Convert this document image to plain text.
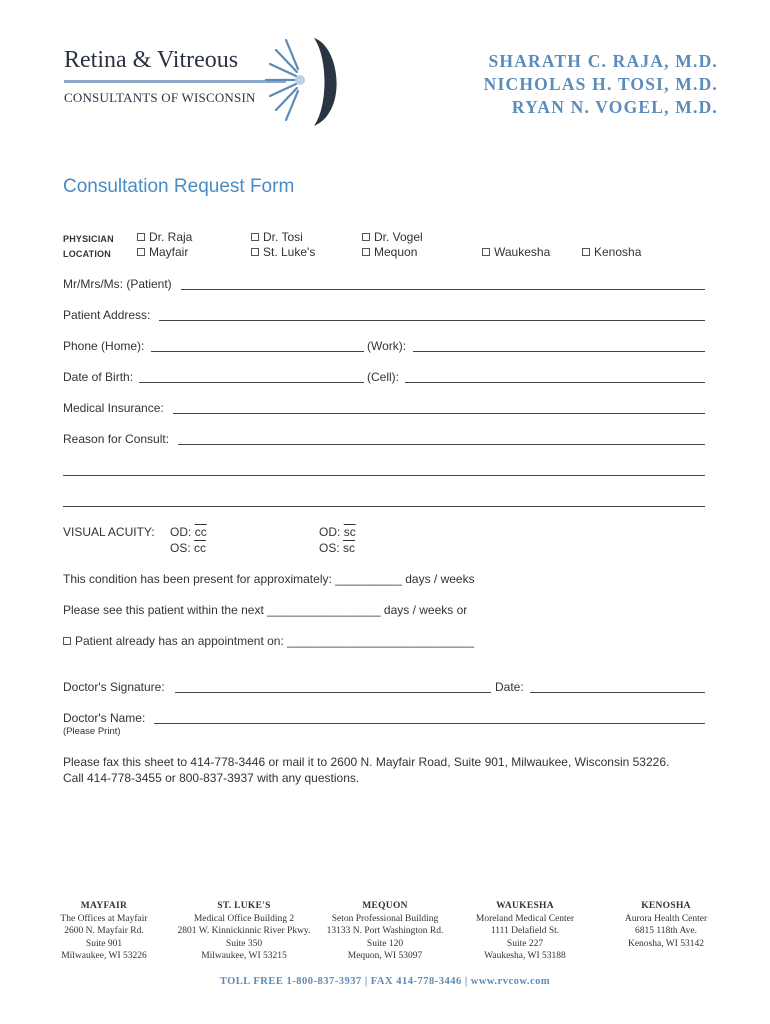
Retina & Vitreous
CONSULTANTS OF WISCONSIN
SHARATH C. RAJA, M.D.
NICHOLAS H. TOSI, M.D.
RYAN N. VOGEL, M.D.
Consultation Request Form
PHYSICIAN	Dr. Raja	Dr. Tosi	Dr. Vogel
LOCATION	Mayfair	St. Luke's	Mequon	Waukesha	Kenosha
Mr/Mrs/Ms: (Patient)
Patient Address:
Phone (Home):	(Work):
Date of Birth:	(Cell):
Medical Insurance:
Reason for Consult:
VISUAL ACUITY: OD: $\overline{cc}$
OS: $\overline{cc}$
OD: $\overline{sc}$
OS: $\overline{sc}$
This condition has been present for approximately: __________ days / weeks
Please see this patient within the next _________________ days / weeks or
Patient already has an appointment on: ____________________________
Doctor's Signature:	Date:
Doctor's Name:
(Please Print)
Please fax this sheet to 414-778-3446 or mail it to 2600 N. Mayfair Road, Suite 901, Milwaukee, Wisconsin 53226.
Call 414-778-3455 or 800-837-3937 with any questions.
MAYFAIR
The Offices at Mayfair
2600 N. Mayfair Rd.
Suite 901
Milwaukee, WI 53226
ST. LUKE'S
Medical Office Building 2
2801 W. Kinnickinnic River Pkwy.
Suite 350
Milwaukee, WI 53215
MEQUON
Seton Professional Building
13133 N. Port Washington Rd.
Suite 120
Mequon, WI 53097
WAUKESHA
Moreland Medical Center
1111 Delafield St.
Suite 227
Waukesha, WI 53188
KENOSHA
Aurora Health Center
6815 118th Ave.
Kenosha, WI 53142
TOLL FREE 1-800-837-3937 | FAX 414-778-3446 | www.rvcow.com
